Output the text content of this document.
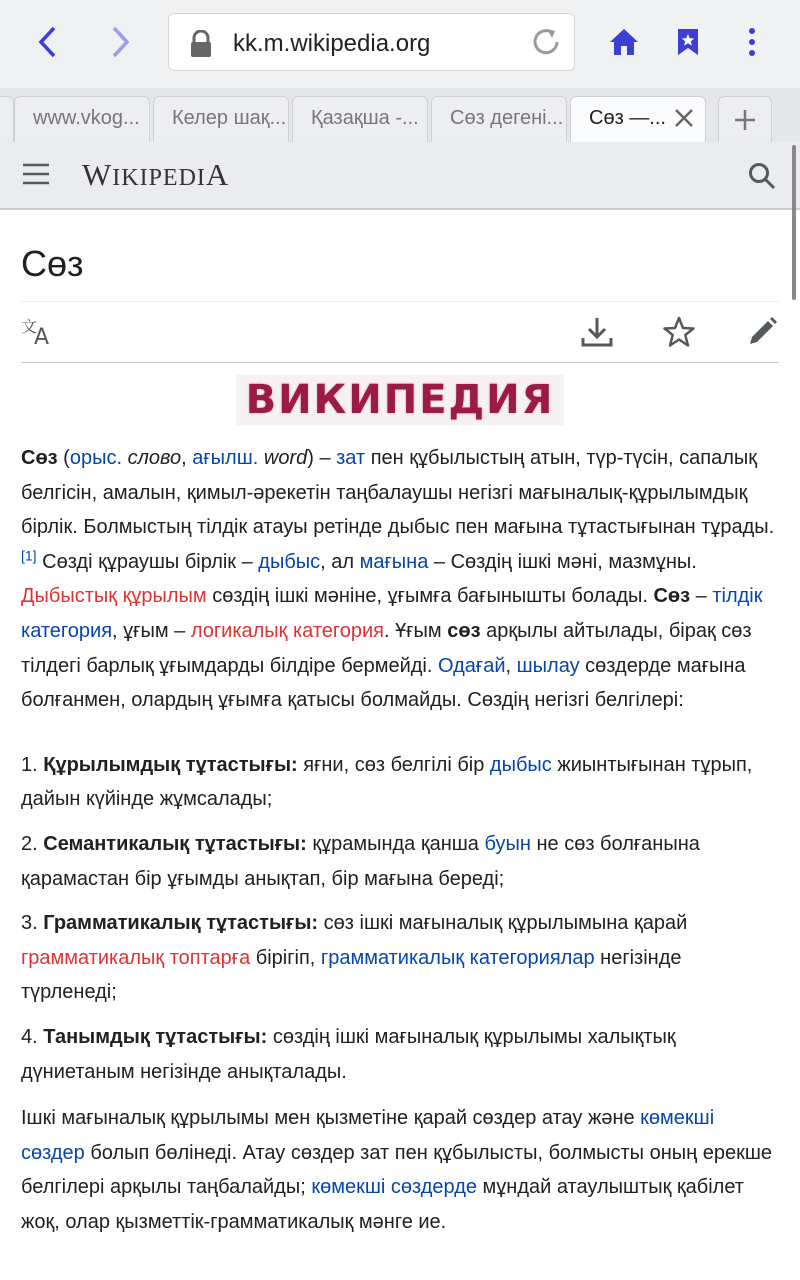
kk.m.wikipedia.org
www.vkog...	Келер шақ...	Қазақша -...	Сөз дегені...	Сөз —...
WIKIPEDIA
Сөз
文
A
ВИКИПЕДИЯ

Сөз (орыс. слово, ағылш. word) – зат пен құбылыстың атын, түр-түсін, сапалық белгісін, амалын, қимыл-әрекетін таңбалаушы негізгі мағыналық-құрылымдық бірлік. Болмыстың тілдік атауы ретінде дыбыс пен мағына тұтастығынан тұрады. [1] Сөзді құраушы бірлік – дыбыс, ал мағына – Сөздің ішкі мәні, мазмұны. Дыбыстық құрылым сөздің ішкі мәніне, ұғымға бағынышты болады. Сөз – тілдік категория, ұғым – логикалық категория. Ұғым сөз арқылы айтылады, бірақ сөз тілдегі барлық ұғымдарды білдіре бермейді. Одағай, шылау сөздерде мағына болғанмен, олардың ұғымға қатысы болмайды. Сөздің негізгі белгілері:

1. Құрылымдық тұтастығы: яғни, сөз белгілі бір дыбыс жиынтығынан тұрып, дайын күйінде жұмсалады;

2. Семантикалық тұтастығы: құрамында қанша буын не сөз болғанына қарамастан бір ұғымды анықтап, бір мағына береді;

3. Грамматикалық тұтастығы: сөз ішкі мағыналық құрылымына қарай грамматикалық топтарға бірігіп, грамматикалық категориялар негізінде түрленеді;

4. Танымдық тұтастығы: сөздің ішкі мағыналық құрылымы халықтық дүниетаным негізінде анықталады.

Ішкі мағыналық құрылымы мен қызметіне қарай сөздер атау және көмекші сөздер болып бөлінеді. Атау сөздер зат пен құбылысты, болмысты оның ерекше белгілері арқылы таңбалайды; көмекші сөздерде мұндай атаулыштық қабілет жоқ, олар қызметтік-грамматикалық мәнге ие.
